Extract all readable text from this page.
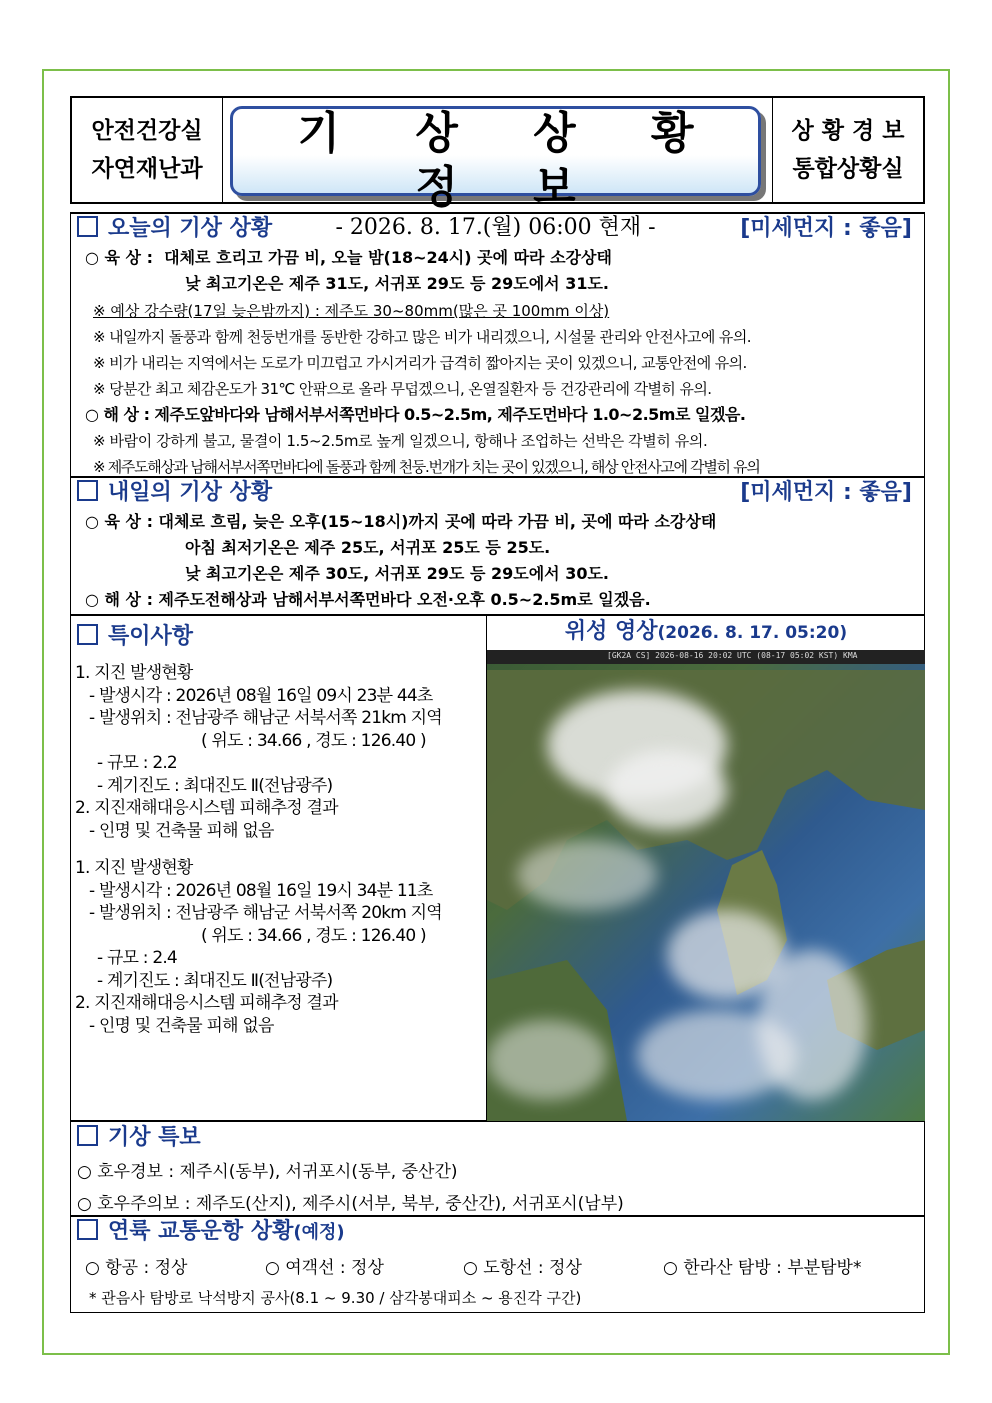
안전건강실
자연재난과
기 상 상 황 정 보
- 2026. 8. 17.(월) 06:00 현재 -
상 황 경 보
통합상황실
오늘의 기상 상황	[미세먼지 : 좋음]
○ 육 상 : 대체로 흐리고 가끔 비, 오늘 밤(18~24시) 곳에 따라 소강상태
낮 최고기온은 제주 31도, 서귀포 29도 등 29도에서 31도.
※ 예상 강수량(17일 늦은밤까지) : 제주도 30~80mm(많은 곳 100mm 이상)
※ 내일까지 돌풍과 함께 천둥번개를 동반한 강하고 많은 비가 내리겠으니, 시설물 관리와 안전사고에 유의.
※ 비가 내리는 지역에서는 도로가 미끄럽고 가시거리가 급격히 짧아지는 곳이 있겠으니, 교통안전에 유의.
※ 당분간 최고 체감온도가 31℃ 안팎으로 올라 무덥겠으니, 온열질환자 등 건강관리에 각별히 유의.
○ 해 상 : 제주도앞바다와 남해서부서쪽먼바다 0.5~2.5m, 제주도먼바다 1.0~2.5m로 일겠음.
※ 바람이 강하게 불고, 물결이 1.5~2.5m로 높게 일겠으니, 항해나 조업하는 선박은 각별히 유의.
※ 제주도해상과 남해서부서쪽먼바다에 돌풍과 함께 천둥.번개가 치는 곳이 있겠으니, 해상 안전사고에 각별히 유의
내일의 기상 상황	[미세먼지 : 좋음]
○ 육 상 : 대체로 흐림, 늦은 오후(15~18시)까지 곳에 따라 가끔 비, 곳에 따라 소강상태
아침 최저기온은 제주 25도, 서귀포 25도 등 25도.
낮 최고기온은 제주 30도, 서귀포 29도 등 29도에서 30도.
○ 해 상 : 제주도전해상과 남해서부서쪽먼바다 오전·오후 0.5~2.5m로 일겠음.
특이사항
1. 지진 발생현황
- 발생시각 : 2026년 08월 16일 09시 23분 44초
- 발생위치 : 전남광주 해남군 서북서쪽 21km 지역
( 위도 : 34.66 , 경도 : 126.40 )
- 규모 : 2.2
- 계기진도 : 최대진도 Ⅱ(전남광주)
2. 지진재해대응시스템 피해추정 결과
- 인명 및 건축물 피해 없음
1. 지진 발생현황
- 발생시각 : 2026년 08월 16일 19시 34분 11초
- 발생위치 : 전남광주 해남군 서북서쪽 20km 지역
( 위도 : 34.66 , 경도 : 126.40 )
- 규모 : 2.4
- 계기진도 : 최대진도 Ⅱ(전남광주)
2. 지진재해대응시스템 피해추정 결과
- 인명 및 건축물 피해 없음
위성 영상(2026. 8. 17. 05:20)
[GK2A CS] 2026-08-16 20:02 UTC (08-17 05:02 KST) KMA
기상 특보
○ 호우경보 : 제주시(동부), 서귀포시(동부, 중산간)
○ 호우주의보 : 제주도(산지), 제주시(서부, 북부, 중산간), 서귀포시(남부)
연륙 교통운항 상황(예정)
○ 항공 : 정상	○ 여객선 : 정상	○ 도항선 : 정상	○ 한라산 탐방 : 부분탐방*
* 관음사 탐방로 낙석방지 공사(8.1 ~ 9.30 / 삼각봉대피소 ~ 용진각 구간)
